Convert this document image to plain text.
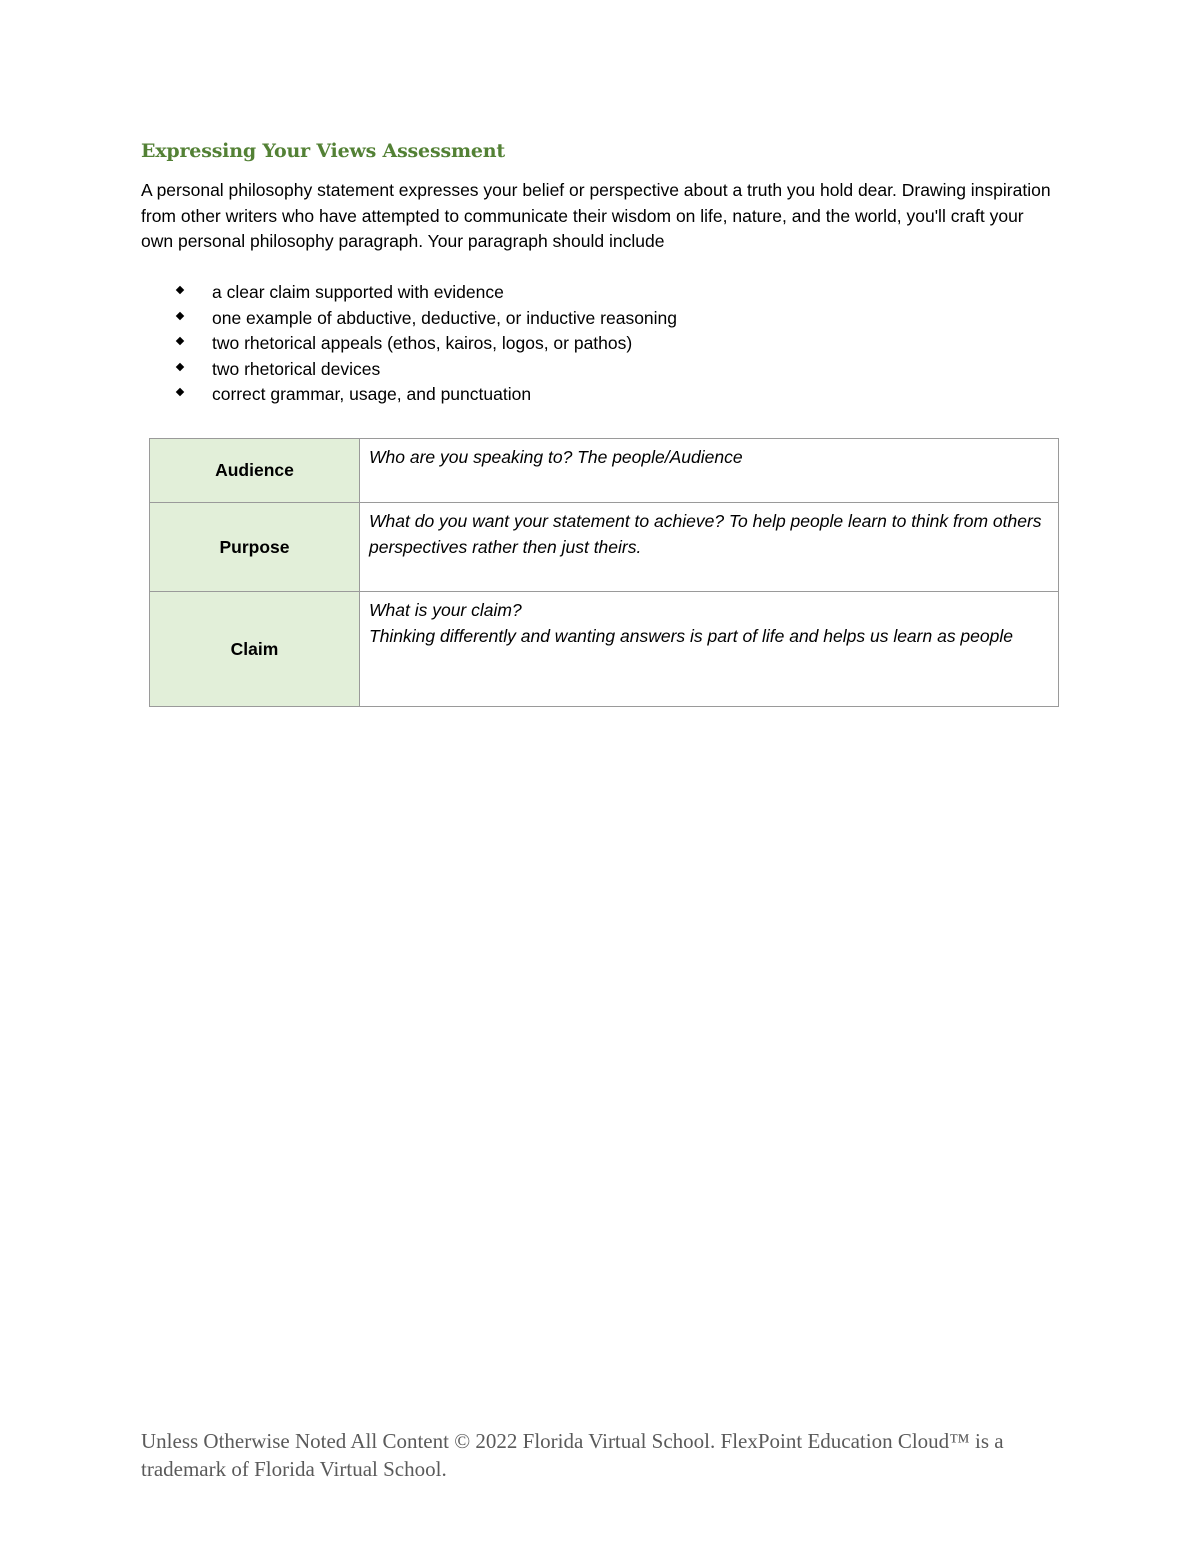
Expressing Your Views Assessment

A personal philosophy statement expresses your belief or perspective about a truth you hold dear. Drawing inspiration from other writers who have attempted to communicate their wisdom on life, nature, and the world, you'll craft your own personal philosophy paragraph. Your paragraph should include

a clear claim supported with evidence
one example of abductive, deductive, or inductive reasoning
two rhetorical appeals (ethos, kairos, logos, or pathos)
two rhetorical devices
correct grammar, usage, and punctuation
Audience	Who are you speaking to? The people/Audience

Purpose	What do you want your statement to achieve? To help people learn to think from others perspectives rather then just theirs.

Claim	What is your claim?
Thinking differently and wanting answers is part of life and helps us learn as people
Unless Otherwise Noted All Content © 2022 Florida Virtual School. FlexPoint Education Cloud™ is a trademark of Florida Virtual School.
